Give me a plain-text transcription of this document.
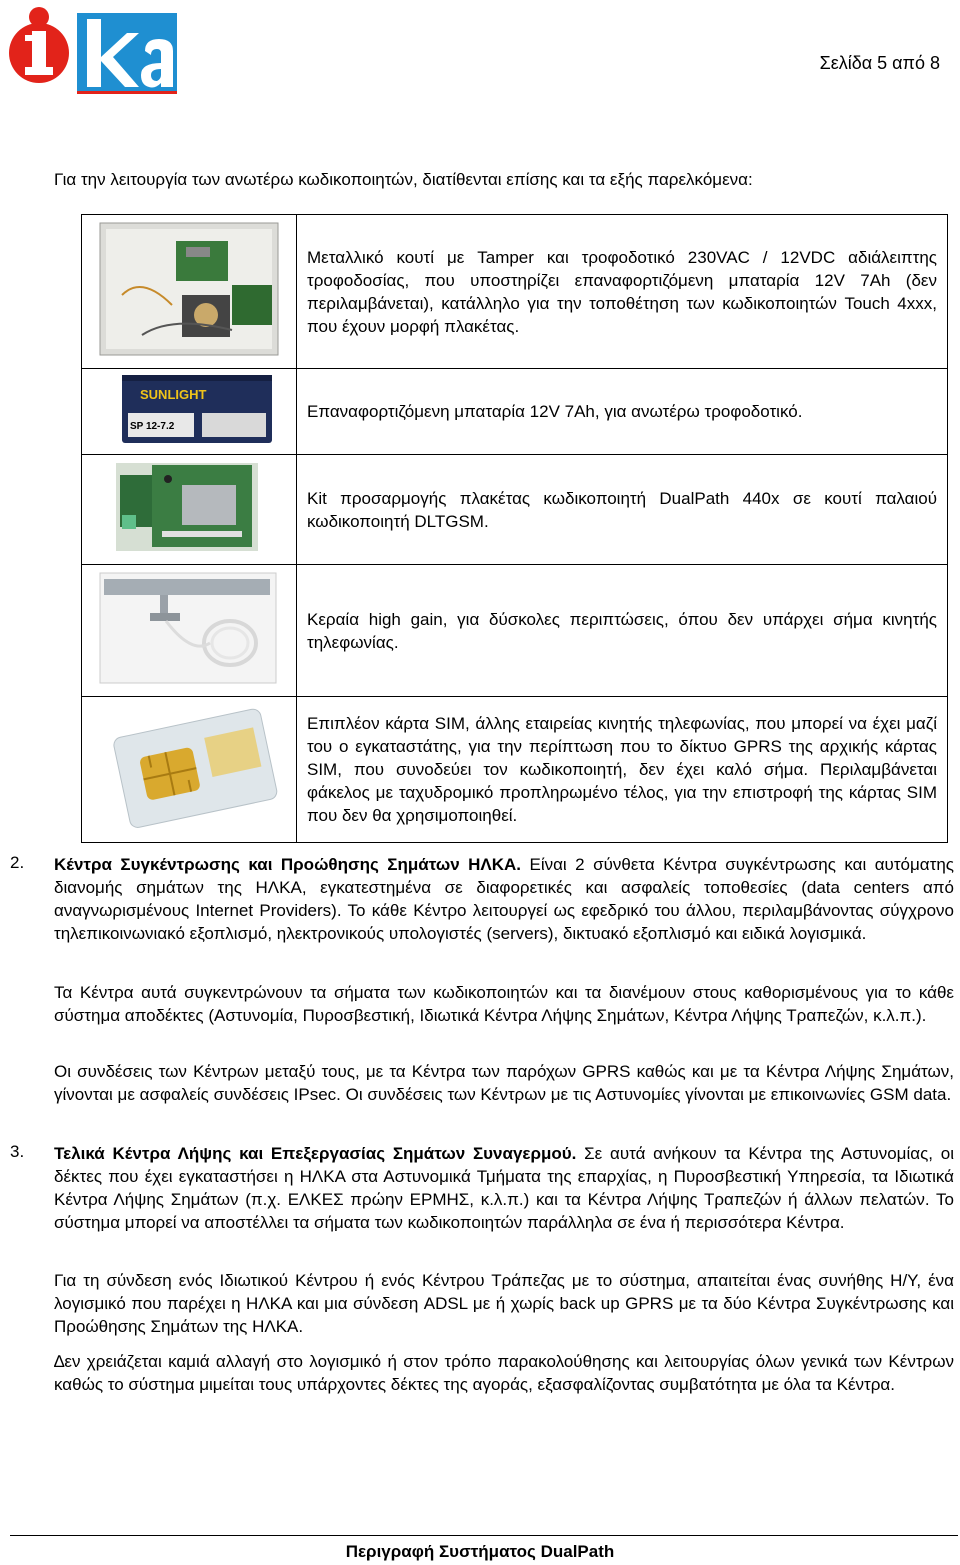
Σελίδα 5 από 8
Για την λειτουργία των ανωτέρω κωδικοποιητών, διατίθενται επίσης και τα εξής παρελκόμενα:
	Μεταλλικό κουτί με Tamper και τροφοδοτικό 230VAC / 12VDC αδιάλειπτης τροφοδοσίας, που υποστηρίζει επαναφορτιζόμενη μπαταρία 12V 7Ah (δεν περιλαμβάνεται), κατάλληλο για την τοποθέτηση των κωδικοποιητών Touch 4xxx, που έχουν μορφή πλακέτας.

SUNLIGHT
SP 12-7.2	Επαναφορτιζόμενη μπαταρία 12V 7Ah, για ανωτέρω τροφοδοτικό.
	Kit προσαρμογής πλακέτας κωδικοποιητή DualPath 440x σε κουτί παλαιού κωδικοποιητή DLTGSM.
	Κεραία high gain, για δύσκολες περιπτώσεις, όπου δεν υπάρχει σήμα κινητής τηλεφωνίας.
	Επιπλέον κάρτα SIM, άλλης εταιρείας κινητής τηλεφωνίας, που μπορεί να έχει μαζί του ο εγκαταστάτης, για την περίπτωση που το δίκτυο GPRS της αρχικής κάρτας SIM, που συνοδεύει τον κωδικοποιητή, δεν έχει καλό σήμα. Περιλαμβάνεται φάκελος με ταχυδρομικό προπληρωμένο τέλος, για την επιστροφή της κάρτας SIM που δεν θα χρησιμοποιηθεί.
2. Κέντρα Συγκέντρωσης και Προώθησης Σημάτων ΗΛΚΑ. Είναι 2 σύνθετα Κέντρα συγκέντρωσης και αυτόματης διανομής σημάτων της ΗΛΚΑ, εγκατεστημένα σε διαφορετικές και ασφαλείς τοποθεσίες (data centers από αναγνωρισμένους Internet Providers). Το κάθε Κέντρο λειτουργεί ως εφεδρικό του άλλου, περιλαμβάνοντας σύγχρονο τηλεπικοινωνιακό εξοπλισμό, ηλεκτρονικούς υπολογιστές (servers), δικτυακό εξοπλισμό και ειδικά λογισμικά.
Τα Κέντρα αυτά συγκεντρώνουν τα σήματα των κωδικοποιητών και τα διανέμουν στους καθορισμένους για το κάθε σύστημα αποδέκτες (Αστυνομία, Πυροσβεστική, Ιδιωτικά Κέντρα Λήψης Σημάτων, Κέντρα Λήψης Τραπεζών, κ.λ.π.).
Οι συνδέσεις των Κέντρων μεταξύ τους, με τα Κέντρα των παρόχων GPRS καθώς και με τα Κέντρα Λήψης Σημάτων, γίνονται με ασφαλείς συνδέσεις IPsec. Οι συνδέσεις των Κέντρων με τις Αστυνομίες γίνονται με επικοινωνίες GSM data.
3. Τελικά Κέντρα Λήψης και Επεξεργασίας Σημάτων Συναγερμού. Σε αυτά ανήκουν τα Κέντρα της Αστυνομίας, οι δέκτες που έχει εγκαταστήσει η ΗΛΚΑ στα Αστυνομικά Τμήματα της επαρχίας, η Πυροσβεστική Υπηρεσία, τα Ιδιωτικά Κέντρα Λήψης Σημάτων (π.χ. ΕΛΚΕΣ πρώην ΕΡΜΗΣ, κ.λ.π.) και τα Κέντρα Λήψης Τραπεζών ή άλλων πελατών. Το σύστημα μπορεί να αποστέλλει τα σήματα των κωδικοποιητών παράλληλα σε ένα ή περισσότερα Κέντρα.
Για τη σύνδεση ενός Ιδιωτικού Κέντρου ή ενός Κέντρου Τράπεζας με το σύστημα, απαιτείται ένας συνήθης Η/Υ, ένα λογισμικό που παρέχει η ΗΛΚΑ και μια σύνδεση ADSL με ή χωρίς back up GPRS με τα δύο Κέντρα Συγκέντρωσης και Προώθησης Σημάτων της ΗΛΚΑ.
∆εν χρειάζεται καμιά αλλαγή στο λογισμικό ή στον τρόπο παρακολούθησης και λειτουργίας όλων γενικά των Κέντρων καθώς το σύστημα μιμείται τους υπάρχοντες δέκτες της αγοράς, εξασφαλίζοντας συμβατότητα με όλα τα Κέντρα.
Περιγραφή Συστήματος DualPath
